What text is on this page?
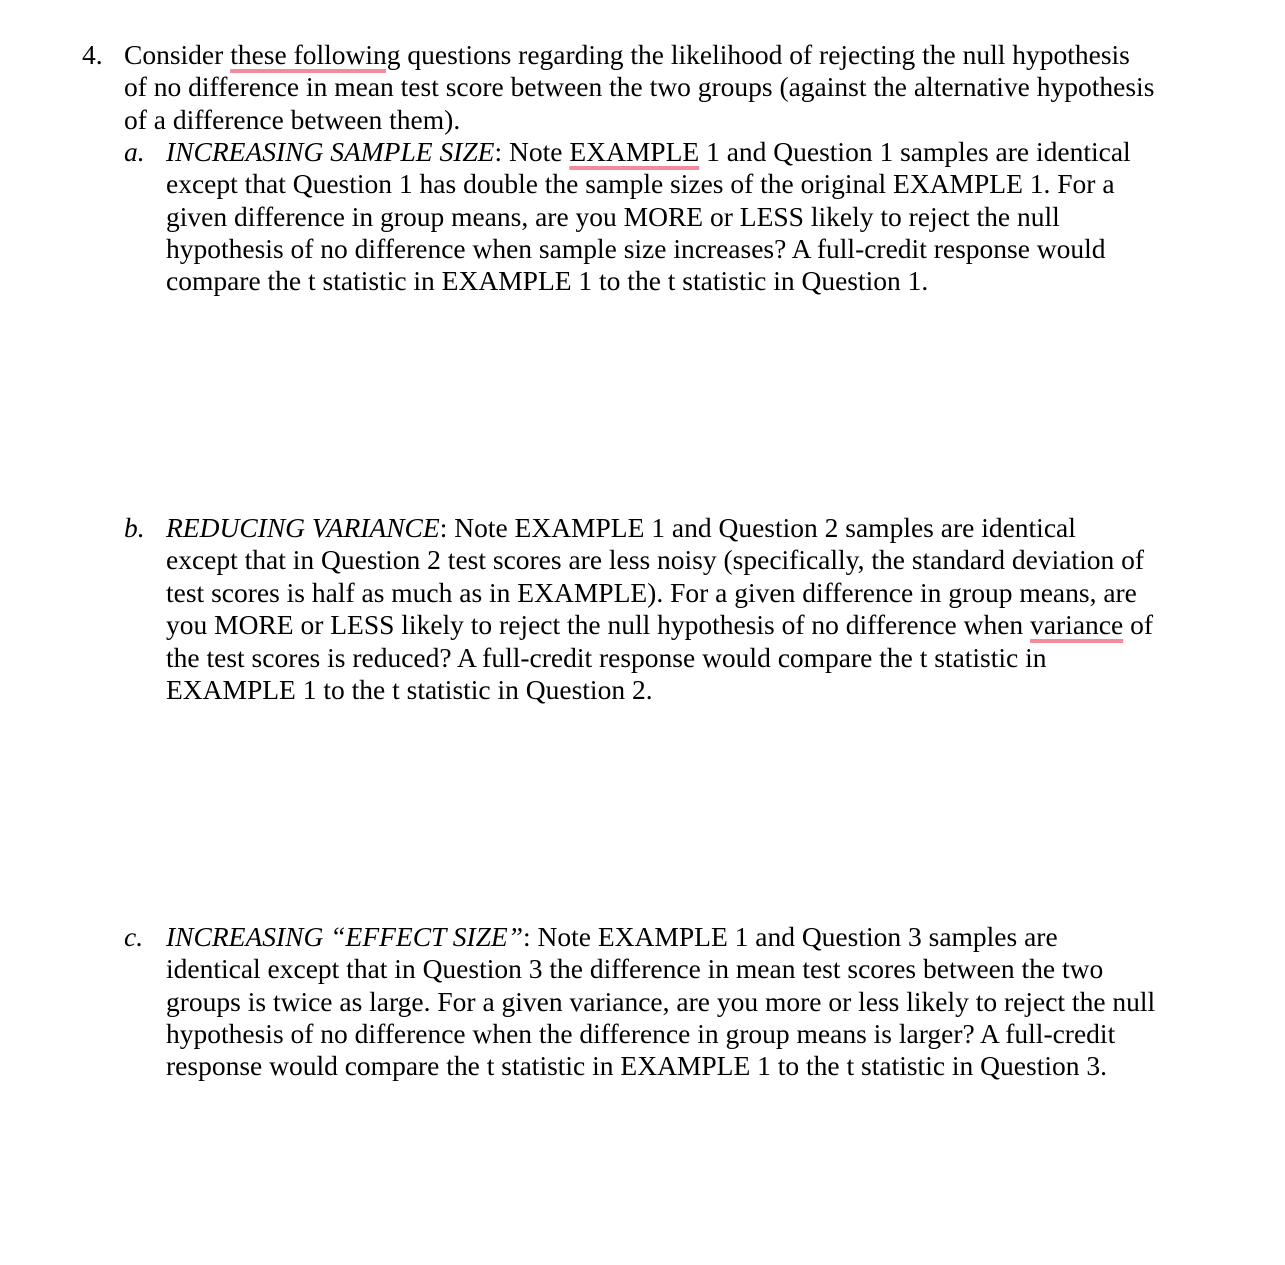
4. Consider these following questions regarding the likelihood of rejecting the null hypothesis
of no difference in mean test score between the two groups (against the alternative hypothesis
of a difference between them).
a. INCREASING SAMPLE SIZE: Note EXAMPLE 1 and Question 1 samples are identical
except that Question 1 has double the sample sizes of the original EXAMPLE 1. For a
given difference in group means, are you MORE or LESS likely to reject the null
hypothesis of no difference when sample size increases? A full-credit response would
compare the t statistic in EXAMPLE 1 to the t statistic in Question 1.
b. REDUCING VARIANCE: Note EXAMPLE 1 and Question 2 samples are identical
except that in Question 2 test scores are less noisy (specifically, the standard deviation of
test scores is half as much as in EXAMPLE). For a given difference in group means, are
you MORE or LESS likely to reject the null hypothesis of no difference when variance of
the test scores is reduced? A full-credit response would compare the t statistic in
EXAMPLE 1 to the t statistic in Question 2.
c. INCREASING “EFFECT SIZE”: Note EXAMPLE 1 and Question 3 samples are
identical except that in Question 3 the difference in mean test scores between the two
groups is twice as large. For a given variance, are you more or less likely to reject the null
hypothesis of no difference when the difference in group means is larger? A full-credit
response would compare the t statistic in EXAMPLE 1 to the t statistic in Question 3.
